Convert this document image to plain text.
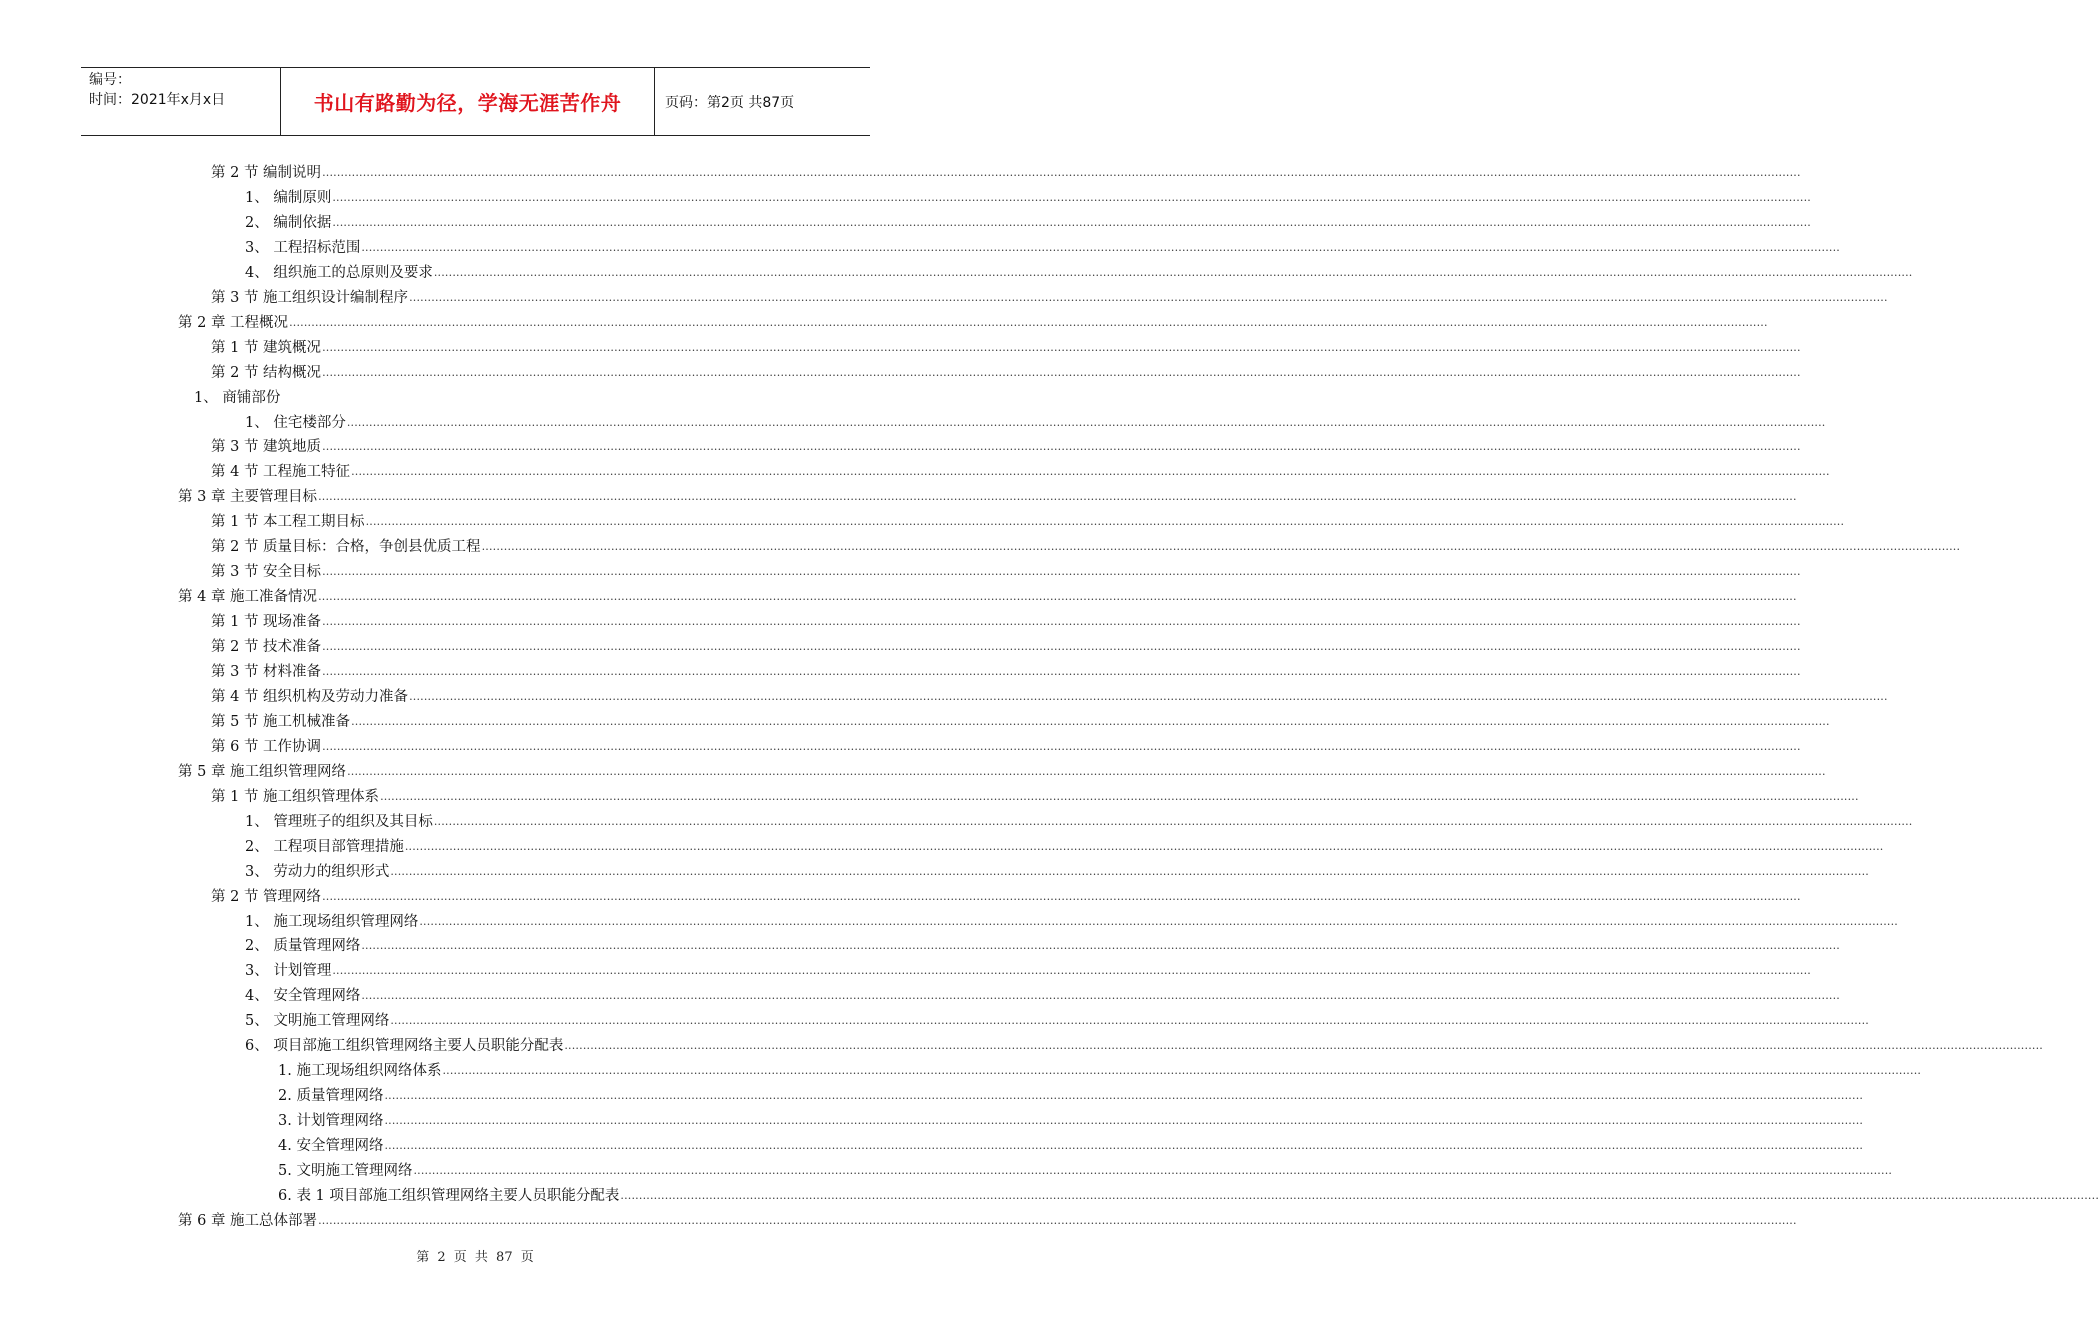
编号：
时间：2021年x月x日	书山有路勤为径，学海无涯苦作舟	页码：第2页 共87页
第 2 节 编制说明 ................................................................................................................................................................................................................................................................................................................................................................................................................
1、 编制原则 ................................................................................................................................................................................................................................................................................................................................................................................................................
2、 编制依据 ................................................................................................................................................................................................................................................................................................................................................................................................................
3、 工程招标范围 ................................................................................................................................................................................................................................................................................................................................................................................................................
4、 组织施工的总原则及要求 ................................................................................................................................................................................................................................................................................................................................................................................................................
第 3 节 施工组织设计编制程序 ................................................................................................................................................................................................................................................................................................................................................................................................................
第 2 章 工程概况 ................................................................................................................................................................................................................................................................................................................................................................................................................
第 1 节 建筑概况 ................................................................................................................................................................................................................................................................................................................................................................................................................
第 2 节 结构概况 ................................................................................................................................................................................................................................................................................................................................................................................................................
1、 商铺部份
1、 住宅楼部分 ................................................................................................................................................................................................................................................................................................................................................................................................................
第 3 节 建筑地质 ................................................................................................................................................................................................................................................................................................................................................................................................................
第 4 节 工程施工特征 ................................................................................................................................................................................................................................................................................................................................................................................................................
第 3 章 主要管理目标 ................................................................................................................................................................................................................................................................................................................................................................................................................
第 1 节 本工程工期目标 ................................................................................................................................................................................................................................................................................................................................................................................................................
第 2 节 质量目标：合格，争创县优质工程 ................................................................................................................................................................................................................................................................................................................................................................................................................
第 3 节 安全目标 ................................................................................................................................................................................................................................................................................................................................................................................................................
第 4 章 施工准备情况 ................................................................................................................................................................................................................................................................................................................................................................................................................
第 1 节 现场准备 ................................................................................................................................................................................................................................................................................................................................................................................................................
第 2 节 技术准备 ................................................................................................................................................................................................................................................................................................................................................................................................................
第 3 节 材料准备 ................................................................................................................................................................................................................................................................................................................................................................................................................
第 4 节 组织机构及劳动力准备 ................................................................................................................................................................................................................................................................................................................................................................................................................
第 5 节 施工机械准备 ................................................................................................................................................................................................................................................................................................................................................................................................................
第 6 节 工作协调 ................................................................................................................................................................................................................................................................................................................................................................................................................
第 5 章 施工组织管理网络 ................................................................................................................................................................................................................................................................................................................................................................................................................
第 1 节 施工组织管理体系 ................................................................................................................................................................................................................................................................................................................................................................................................................
1、 管理班子的组织及其目标 ................................................................................................................................................................................................................................................................................................................................................................................................................
2、 工程项目部管理措施 ................................................................................................................................................................................................................................................................................................................................................................................................................
3、 劳动力的组织形式 ................................................................................................................................................................................................................................................................................................................................................................................................................
第 2 节 管理网络 ................................................................................................................................................................................................................................................................................................................................................................................................................
1、 施工现场组织管理网络 ................................................................................................................................................................................................................................................................................................................................................................................................................
2、 质量管理网络 ................................................................................................................................................................................................................................................................................................................................................................................................................
3、 计划管理 ................................................................................................................................................................................................................................................................................................................................................................................................................
4、 安全管理网络 ................................................................................................................................................................................................................................................................................................................................................................................................................
5、 文明施工管理网络 ................................................................................................................................................................................................................................................................................................................................................................................................................
6、 项目部施工组织管理网络主要人员职能分配表 ................................................................................................................................................................................................................................................................................................................................................................................................................
1. 施工现场组织网络体系 ................................................................................................................................................................................................................................................................................................................................................................................................................
2. 质量管理网络 ................................................................................................................................................................................................................................................................................................................................................................................................................
3. 计划管理网络 ................................................................................................................................................................................................................................................................................................................................................................................................................
4. 安全管理网络 ................................................................................................................................................................................................................................................................................................................................................................................................................
5. 文明施工管理网络 ................................................................................................................................................................................................................................................................................................................................................................................................................
6. 表 1 项目部施工组织管理网络主要人员职能分配表 ................................................................................................................................................................................................................................................................................................................................................................................................................
第 6 章 施工总体部署 ................................................................................................................................................................................................................................................................................................................................................................................................................
第 2 页 共 87 页
